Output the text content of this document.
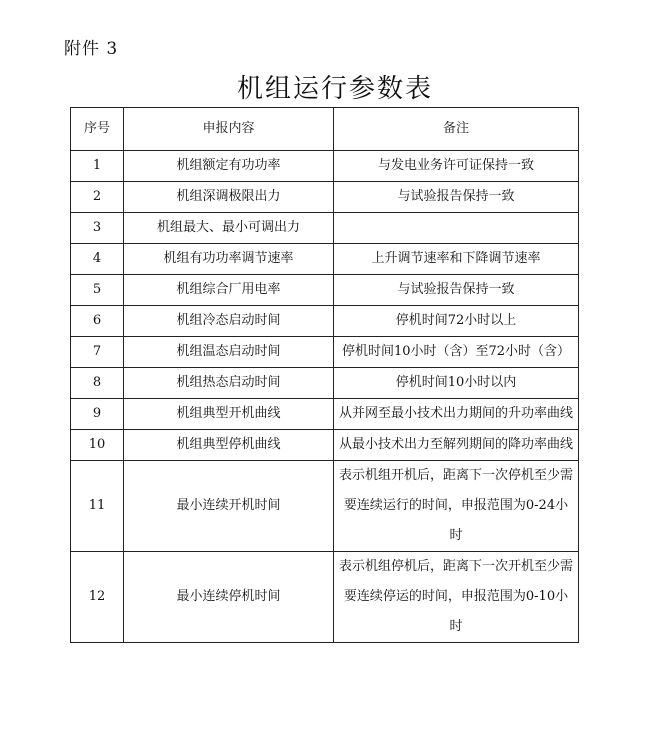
附件 3
机组运行参数表
序号	申报内容	备注
1	机组额定有功功率	与发电业务许可证保持一致
2	机组深调极限出力	与试验报告保持一致
3	机组最大、最小可调出力	
4	机组有功功率调节速率	上升调节速率和下降调节速率
5	机组综合厂用电率	与试验报告保持一致
6	机组冷态启动时间	停机时间72小时以上
7	机组温态启动时间	停机时间10小时（含）至72小时（含）
8	机组热态启动时间	停机时间10小时以内
9	机组典型开机曲线	从并网至最小技术出力期间的升功率曲线
10	机组典型停机曲线	从最小技术出力至解列期间的降功率曲线
11	最小连续开机时间	表示机组开机后，距离下一次停机至少需要连续运行的时间，申报范围为0-24小时
12	最小连续停机时间	表示机组停机后，距离下一次开机至少需要连续停运的时间，申报范围为0-10小时
